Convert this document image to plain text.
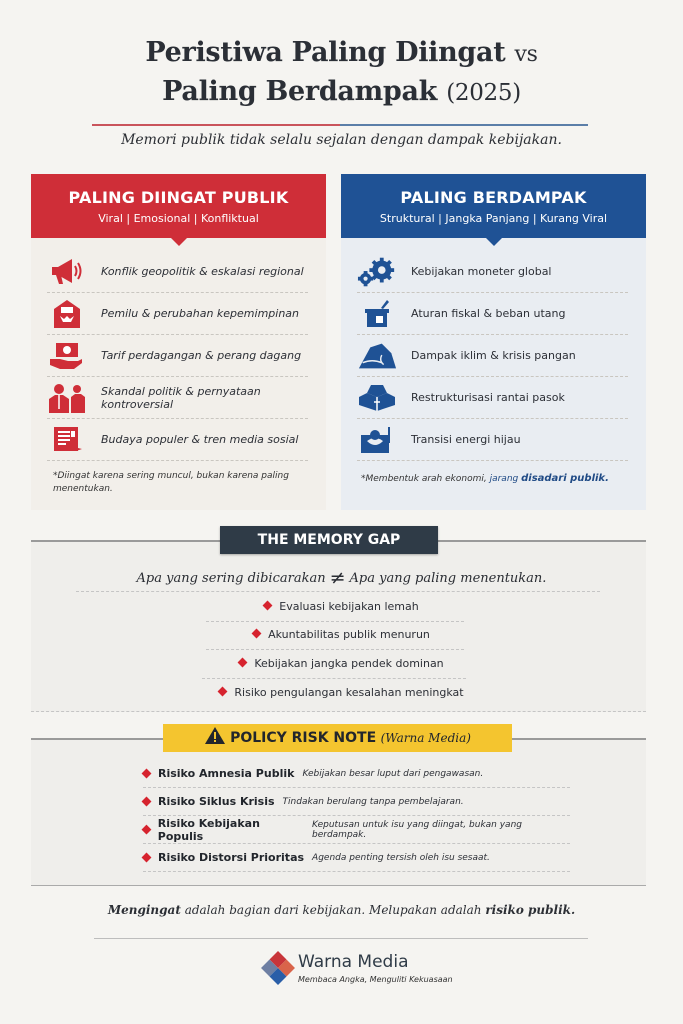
Peristiwa Paling Diingat vs
Paling Berdampak (2025)
Memori publik tidak selalu sejalan dengan dampak kebijakan.
PALING DIINGAT PUBLIK
Viral | Emosional | Konfliktual
Konflik geopolitik & eskalasi regional
Pemilu & perubahan kepemimpinan
Tarif perdagangan & perang dagang
Skandal politik & pernyataan kontroversial
Budaya populer & tren media sosial
*Diingat karena sering muncul, bukan karena paling menentukan.
PALING BERDAMPAK
Struktural | Jangka Panjang | Kurang Viral
Kebijakan moneter global
Aturan fiskal & beban utang
Dampak iklim & krisis pangan
Restrukturisasi rantai pasok
Transisi energi hijau
*Membentuk arah ekonomi, jarang disadari publik.
THE MEMORY GAP
Apa yang sering dibicarakan ≠ Apa yang paling menentukan.
Evaluasi kebijakan lemah
Akuntabilitas publik menurun
Kebijakan jangka pendek dominan
Risiko pengulangan kesalahan meningkat
POLICY RISK NOTE (Warna Media)
Risiko Amnesia Publik Kebijakan besar luput dari pengawasan.
Risiko Siklus Krisis Tindakan berulang tanpa pembelajaran.
Risiko Kebijakan Populis
Keputusan untuk isu yang diingat, bukan yang berdampak.
Risiko Distorsi Prioritas Agenda penting tersish oleh isu sesaat.
Mengingat adalah bagian dari kebijakan. Melupakan adalah risiko publik.
Warna Media
Membaca Angka, Menguliti Kekuasaan
